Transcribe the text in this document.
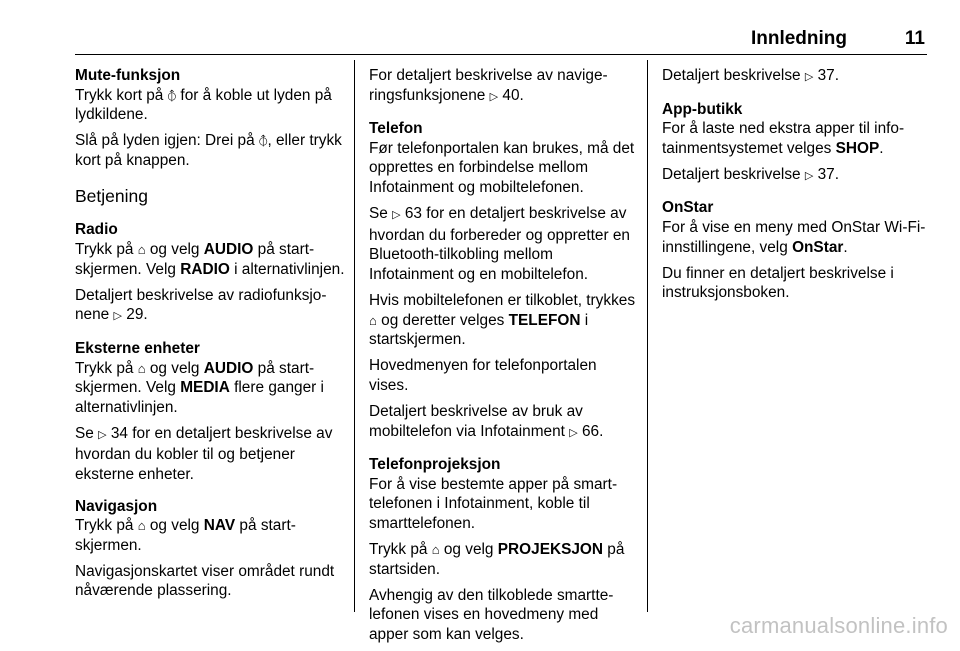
Innledning	11

Mute-funksjon

Trykk kort på ⦽ for å koble ut lyden på lydkildene.

Slå på lyden igjen: Drei på ⦽, eller trykk kort på knappen.

Betjening

Radio

Trykk på ⌂ og velg AUDIO på startskjermen. Velg RADIO i alternativlinjen.

Detaljert beskrivelse av radiofunksjonene ▷ 29.

Eksterne enheter

Trykk på ⌂ og velg AUDIO på startskjermen. Velg MEDIA flere ganger i alternativlinjen.

Se ▷ 34 for en detaljert beskrivelse av hvordan du kobler til og betjener eksterne enheter.

Navigasjon

Trykk på ⌂ og velg NAV på startskjermen.

Navigasjonskartet viser området rundt nåværende plassering.

For detaljert beskrivelse av navigeringsfunksjonene ▷ 40.

Telefon

Før telefonportalen kan brukes, må det opprettes en forbindelse mellom Infotainment og mobiltelefonen.

Se ▷ 63 for en detaljert beskrivelse av hvordan du forbereder og oppretter en Bluetooth-tilkobling mellom Infotainment og en mobiltelefon.

Hvis mobiltelefonen er tilkoblet, trykkes ⌂ og deretter velges TELEFON i startskjermen.

Hovedmenyen for telefonportalen vises.

Detaljert beskrivelse av bruk av mobiltelefon via Infotainment ▷ 66.

Telefonprojeksjon

For å vise bestemte apper på smarttelefonen i Infotainment, koble til smarttelefonen.

Trykk på ⌂ og velg PROJEKSJON på startsiden.

Avhengig av den tilkoblede smarttelefonen vises en hovedmeny med apper som kan velges.

Detaljert beskrivelse ▷ 37.

App-butikk

For å laste ned ekstra apper til infotainmentsystemet velges SHOP.

Detaljert beskrivelse ▷ 37.

OnStar

For å vise en meny med OnStar Wi-Fi-innstillingene, velg OnStar.

Du finner en detaljert beskrivelse i instruksjonsboken.

carmanualsonline.info
